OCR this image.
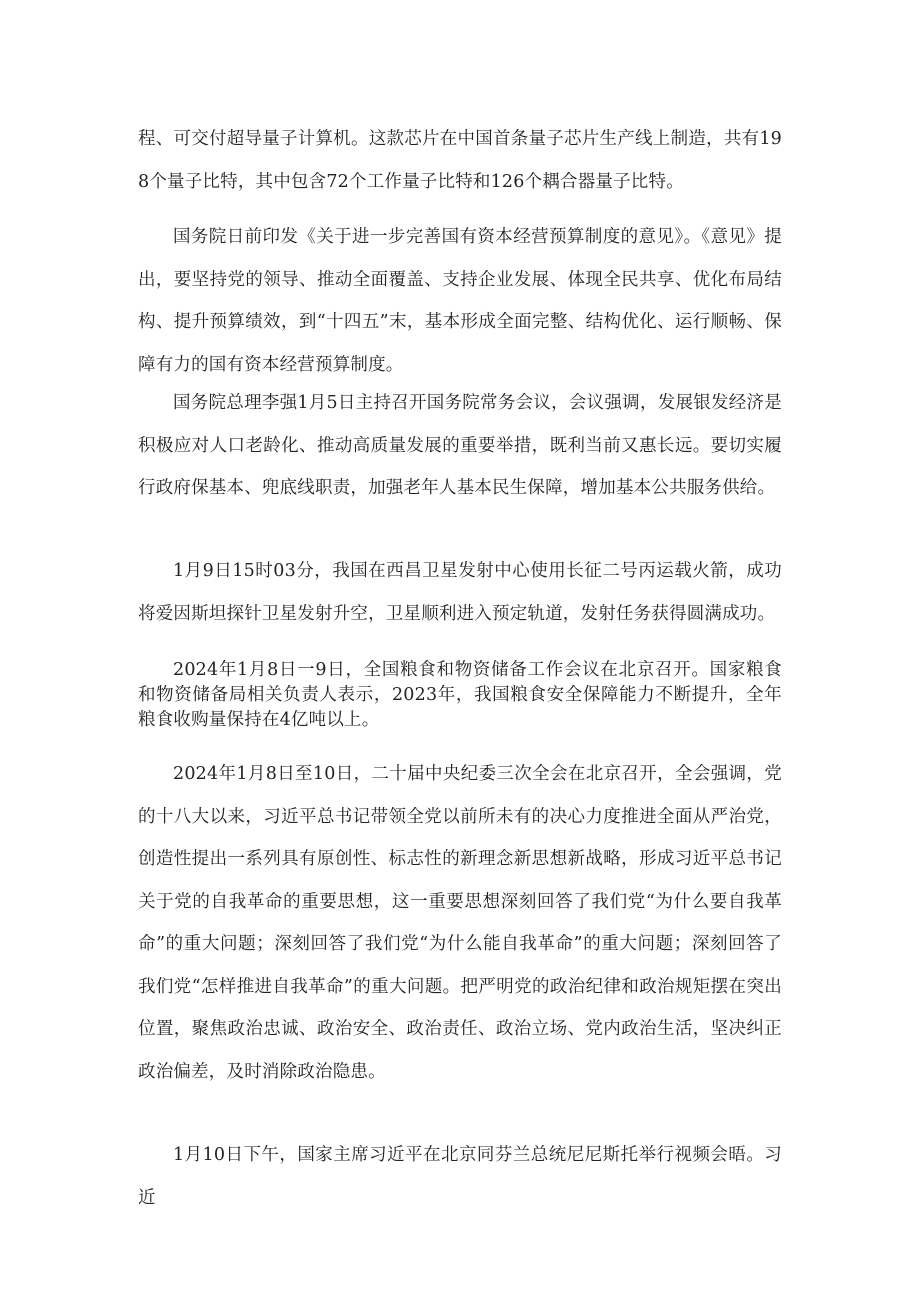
程、可交付超导量子计算机。这款芯片在中国首条量子芯片生产线上制造，共有198个量子比特，其中包含72个工作量子比特和126个耦合器量子比特。

国务院日前印发《关于进一步完善国有资本经营预算制度的意见》。《意见》提出，要坚持党的领导、推动全面覆盖、支持企业发展、体现全民共享、优化布局结构、提升预算绩效，到“十四五”末，基本形成全面完整、结构优化、运行顺畅、保障有力的国有资本经营预算制度。

国务院总理李强1月5日主持召开国务院常务会议，会议强调，发展银发经济是积极应对人口老龄化、推动高质量发展的重要举措，既利当前又惠长远。要切实履行政府保基本、兜底线职责，加强老年人基本民生保障，增加基本公共服务供给。

1月9日15时03分，我国在西昌卫星发射中心使用长征二号丙运载火箭，成功将爱因斯坦探针卫星发射升空，卫星顺利进入预定轨道，发射任务获得圆满成功。

2024年1月8日一9日，全国粮食和物资储备工作会议在北京召开。国家粮食和物资储备局相关负责人表示，2023年，我国粮食安全保障能力不断提升，全年粮食收购量保持在4亿吨以上。

2024年1月8日至10日，二十届中央纪委三次全会在北京召开，全会强调，党的十八大以来，习近平总书记带领全党以前所未有的决心力度推进全面从严治党，创造性提出一系列具有原创性、标志性的新理念新思想新战略，形成习近平总书记关于党的自我革命的重要思想，这一重要思想深刻回答了我们党“为什么要自我革命”的重大问题；深刻回答了我们党“为什么能自我革命”的重大问题；深刻回答了我们党“怎样推进自我革命”的重大问题。把严明党的政治纪律和政治规矩摆在突出位置，聚焦政治忠诚、政治安全、政治责任、政治立场、党内政治生活，坚决纠正政治偏差，及时消除政治隐患。

1月10日下午，国家主席习近平在北京同芬兰总统尼尼斯托举行视频会晤。习近
